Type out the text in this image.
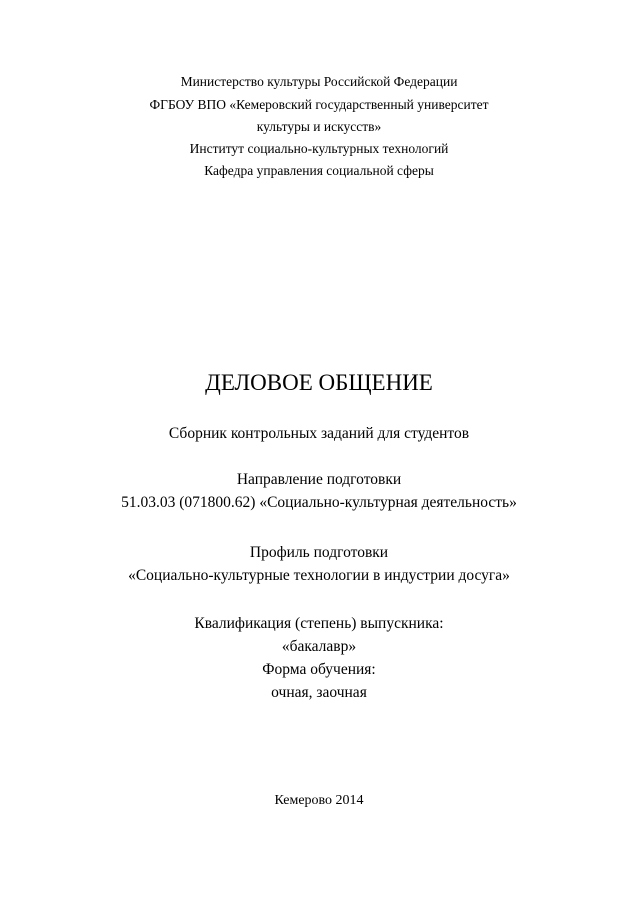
Министерство культуры Российской Федерации
ФГБОУ ВПО «Кемеровский государственный университет
культуры и искусств»
Институт социально-культурных технологий
Кафедра управления социальной сферы
ДЕЛОВОЕ ОБЩЕНИЕ
Сборник контрольных заданий для студентов
Направление подготовки
51.03.03 (071800.62) «Социально-культурная деятельность»
Профиль подготовки
«Социально-культурные технологии в индустрии досуга»
Квалификация (степень) выпускника:
«бакалавр»
Форма обучения:
очная, заочная
Кемерово 2014
